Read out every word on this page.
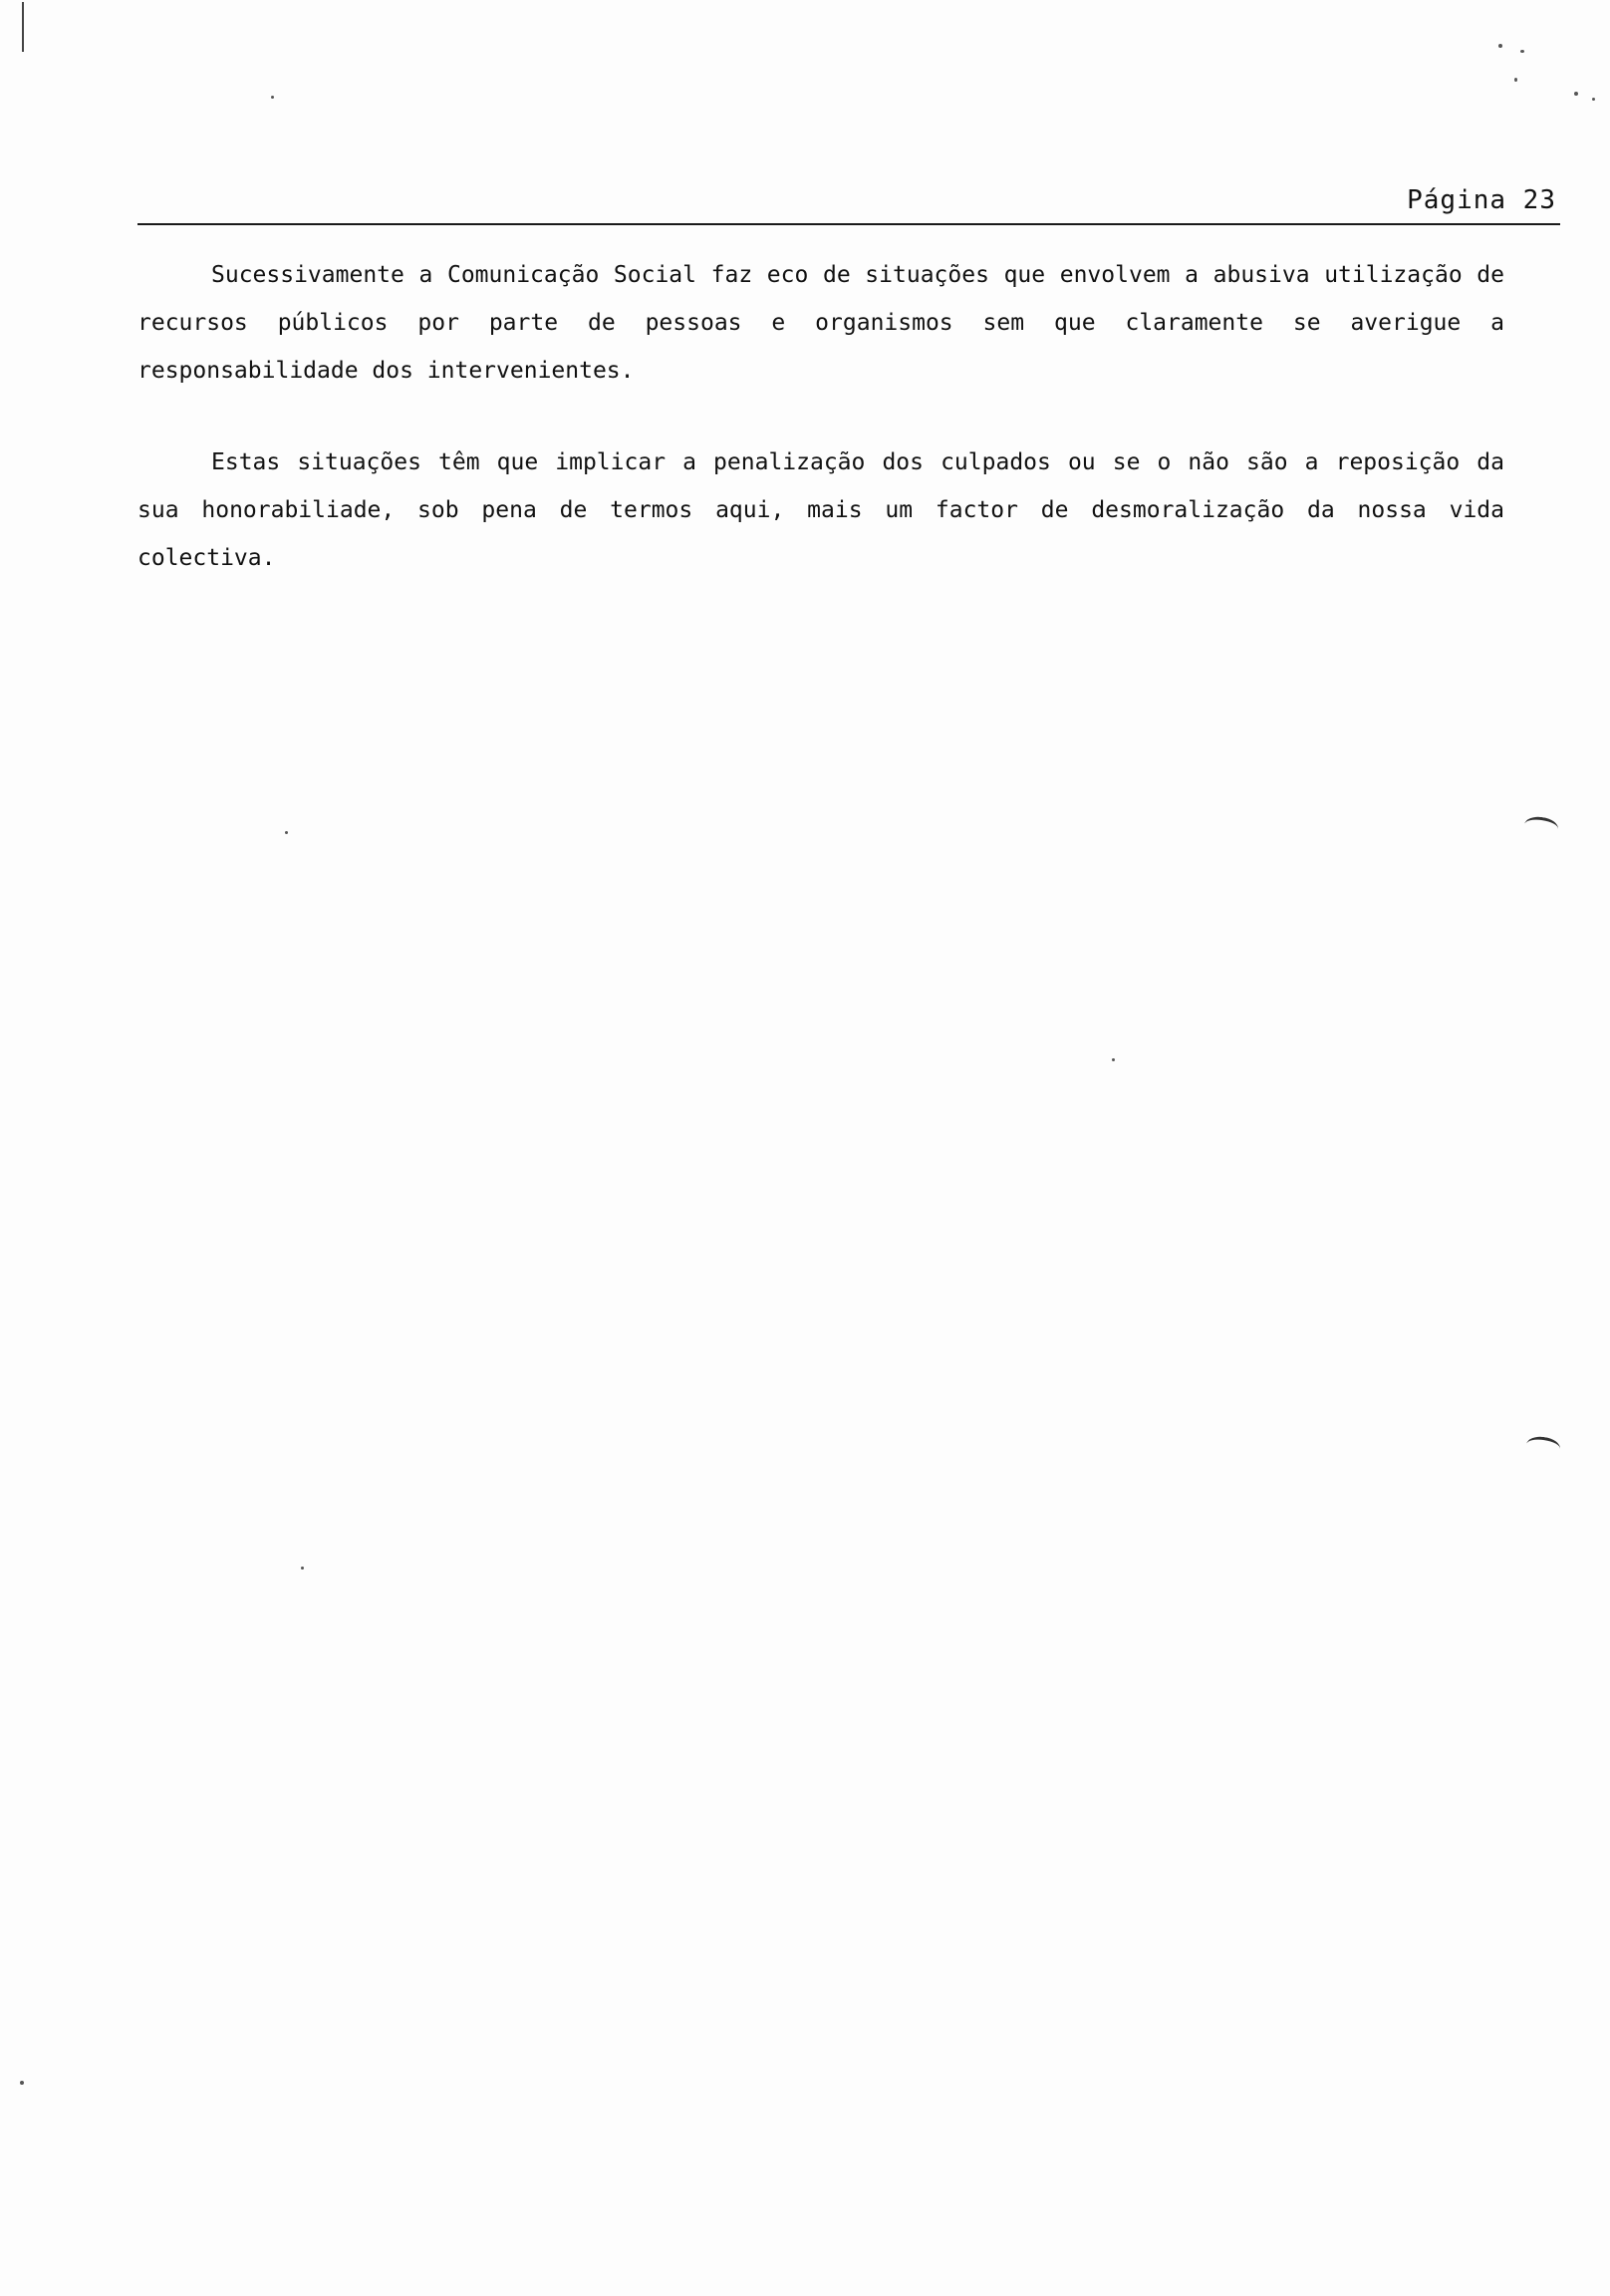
Página 23

Sucessivamente a Comunicação Social faz eco de situações que envolvem a abusiva utilização de recursos públicos por parte de pessoas e organismos sem que claramente se averigue a responsabilidade dos intervenientes.

Estas situações têm que implicar a penalização dos culpados ou se o não são a reposição da sua honorabiliade, sob pena de termos aqui, mais um factor de desmoralização da nossa vida colectiva.
